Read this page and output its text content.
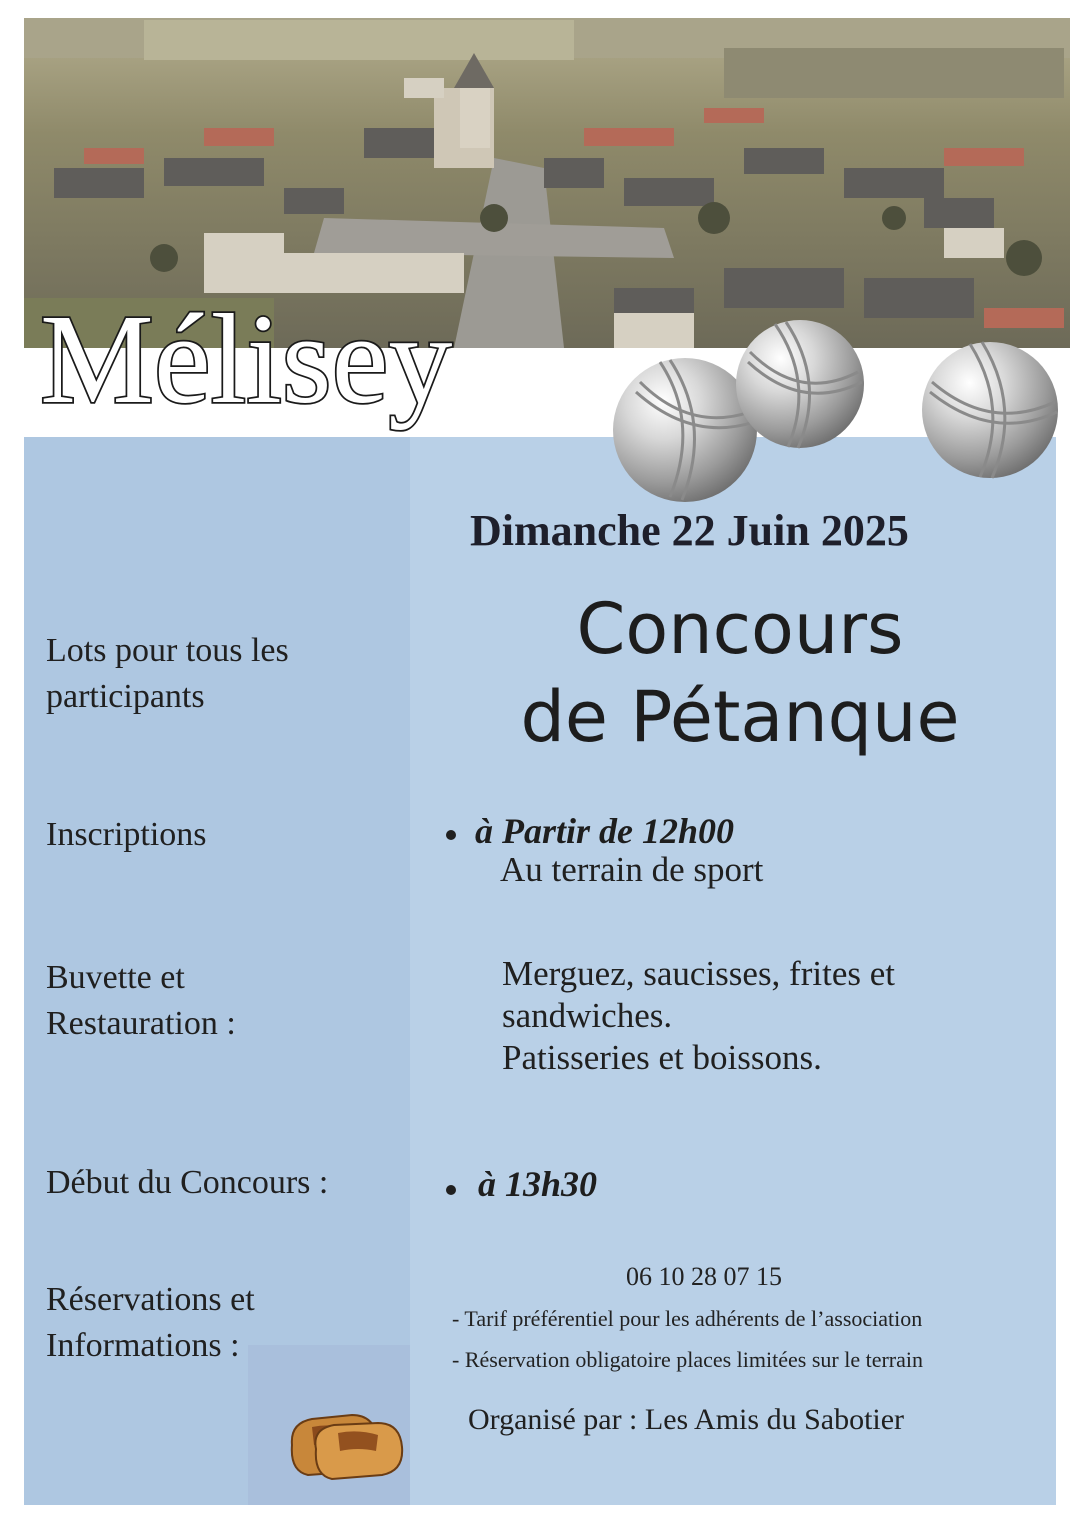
Mélisey
Dimanche 22 Juin 2025
Concours
de Pétanque
Lots pour tous les
participants
Inscriptions
Buvette et
Restauration :
Début du Concours :
Réservations et
Informations :
à Partir de 12h00
Au terrain de sport
Merguez, saucisses, frites et
sandwiches.
Patisseries et boissons.
à 13h30
06 10 28 07 15
- Tarif préférentiel pour les adhérents de l’association
- Réservation obligatoire places limitées sur le terrain
Organisé par : Les Amis du Sabotier
